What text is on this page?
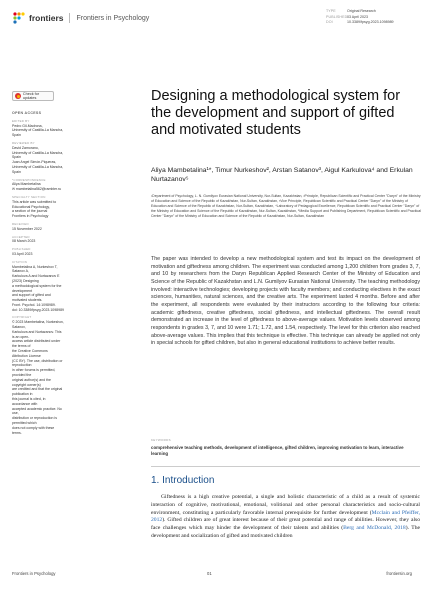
frontiers Frontiers in Psychology
TYPE	Original Research
PUBLISHED03 April 2023
DOI	10.3389/fpsyg.2023.1098989
Check for updates
OPEN ACCESS
EDITED BY
Pedro Gil-Madrona,
University of Castilla-La Mancha,
Spain
REVIEWED BY
David Zamorano,
University of Castilla-La Mancha,
Spain
Juan Angel Simón-Piqueras,
University of Castilla-La Mancha,
Spain
*CORRESPONDENCE
Aliya Mambetalina
✉ mambetalina562@rambler.ru
SPECIALTY SECTION
This article was submitted to
Educational Psychology,
a section of the journal
Frontiers in Psychology
RECEIVED
15 November 2022
ACCEPTED
08 March 2023
PUBLISHED
03 April 2023
CITATION
Mambetalina A, Nurkeshov T, Satanov A,
Karkulova A and Nurtazanov E (2023) Designing
a methodological system for the development
and support of gifted and motivated students.
Front. Psychol. 14:1098989.
doi: 10.3389/fpsyg.2023.1098989
COPYRIGHT
© 2023 Mambetalina, Nurkeshov, Satanov,
Karkulova and Nurtazanov. This is an open-
access article distributed under the terms of
the Creative Commons Attribution License
(CC BY). The use, distribution or reproduction
in other forums is permitted, provided the
original author(s) and the copyright owner(s)
are credited and that the original publication in
this journal is cited, in accordance with
accepted academic practice. No use,
distribution or reproduction is permitted which
does not comply with these terms.
Designing a methodological system for the development and support of gifted and motivated students
Aliya Mambetalina¹*, Timur Nurkeshov², Arstan Satanov³, Aigul Karkulova⁴ and Erkulan Nurtazanov⁵
¹Department of Psychology, L. N. Gumilyov Eurasian National University, Nur-Sultan, Kazakhstan, ²Principle, Republican Scientific and Practical Center "Daryn" of the Ministry of Education and Science of the Republic of Kazakhstan, Nur-Sultan, Kazakhstan, ³Vice Principle, Republican Scientific and Practical Center "Daryn" of the Ministry of Education and Science of the Republic of Kazakhstan, Nur-Sultan, Kazakhstan, ⁴Laboratory of Pedagogical Excellence, Republican Scientific and Practical Center "Daryn" of the Ministry of Education and Science of the Republic of Kazakhstan, Nur-Sultan, Kazakhstan, ⁵Media Support and Publishing Department, Republican Scientific and Practical Center "Daryn" of the Ministry of Education and Science of the Republic of Kazakhstan, Nur-Sultan, Kazakhstan
The paper was intended to develop a new methodological system and test its impact on the development of motivation and giftedness among children. The experiment was conducted among 1,200 children from grades 3, 7, and 10 by researchers from the Daryn Republican Applied Research Center of the Ministry of Education and Science of the Republic of Kazakhstan and L.N. Gumilyov Eurasian National University. The teaching methodology involved: interactive technologies; developing projects with faculty members; and conducting electives in the exact sciences, humanities, natural sciences, and the creative arts. The experiment lasted 4 months. Before and after the experiment, all respondents were evaluated by their instructors according to the following four criteria: academic giftedness, creative giftedness, social giftedness, and intellectual giftedness. The overall result demonstrated an increase in the level of giftedness to above-average values. Motivation levels observed among respondents in grades 3, 7, and 10 were 1.71; 1.72, and 1.54, respectively. The level for this criterion also reached above-average values. This implies that this technique is effective. This technique can already be applied not only in special schools for gifted children, but also in general educational institutions to achieve better results.
KEYWORDS
comprehensive teaching methods, development of intelligence, gifted children, improving motivation to learn, interactive learning
1. Introduction
Giftedness is a high creative potential, a single and holistic characteristic of a child as a result of systemic interaction of cognitive, motivational, emotional, volitional and other personal characteristics and socio-cultural environment, constituting a particularly favorable internal prerequisite for further development (Mcclain and Pfeiffer, 2012). Gifted children are of great interest because of their great potential and range of abilities. However, they also face challenges which may hinder the development of their talents and abilities (Berg and McDonald, 2018). The development and socialization of gifted and motivated children
Frontiers in Psychology	01	frontiersin.org
